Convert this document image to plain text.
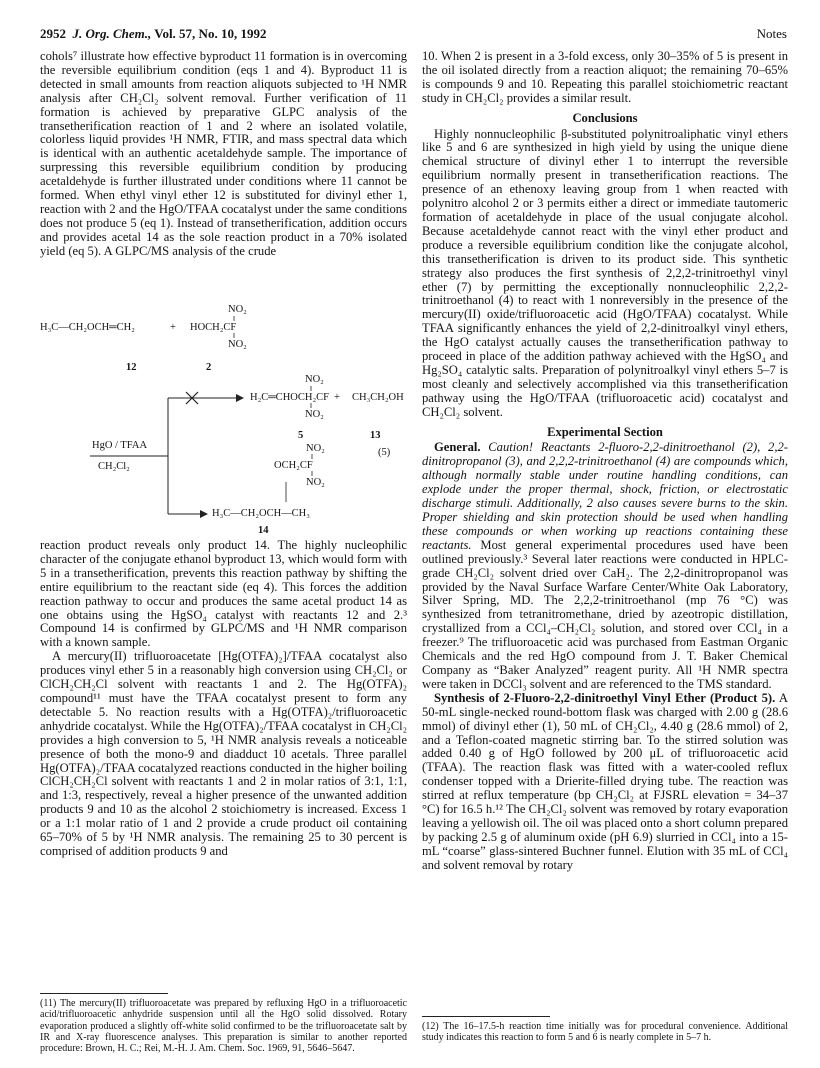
2952 J. Org. Chem., Vol. 57, No. 10, 1992	Notes

cohols⁷ illustrate how effective byproduct 11 formation is in overcoming the reversible equilibrium condition (eqs 1 and 4). Byproduct 11 is detected in small amounts from reaction aliquots subjected to ¹H NMR analysis after CH₂Cl₂ solvent removal. Further verification of 11 formation is achieved by preparative GLPC analysis of the transetherification reaction of 1 and 2 where an isolated volatile, colorless liquid provides ¹H NMR, FTIR, and mass spectral data which is identical with an authentic acetaldehyde sample. The importance of surpressing this reversible equilibrium condition by producing acetaldehyde is further illustrated under conditions where 11 cannot be formed. When ethyl vinyl ether 12 is substituted for divinyl ether 1, reaction with 2 and the HgO/TFAA cocatalyst under the same conditions does not produce 5 (eq 1). Instead of transetherification, addition occurs and provides acetal 14 as the sole reaction product in a 70% isolated yield (eq 5). A GLPC/MS analysis of the crude

NO₂
H₃C—CH₂OCH═CH₂	+ HOCH₂CF
NO₂
12	2
NO₂
H₂C═CHOCH₂CF + CH₃CH₂OH
NO₂
5	13
HgO / TFAA
CH₂Cl₂
(5)
NO₂
OCH₂CF
NO₂
H₃C—CH₂OCH—CH₃
14

reaction product reveals only product 14. The highly nucleophilic character of the conjugate ethanol byproduct 13, which would form with 5 in a transetherification, prevents this reaction pathway by shifting the entire equilibrium to the reactant side (eq 4). This forces the addition reaction pathway to occur and produces the same acetal product 14 as one obtains using the HgSO₄ catalyst with reactants 12 and 2.³ Compound 14 is confirmed by GLPC/MS and ¹H NMR comparison with a known sample.

A mercury(II) trifluoroacetate [Hg(OTFA)₂]/TFAA cocatalyst also produces vinyl ether 5 in a reasonably high conversion using CH₂Cl₂ or ClCH₂CH₂Cl solvent with reactants 1 and 2. The Hg(OTFA)₂ compound¹¹ must have the TFAA cocatalyst present to form any detectable 5. No reaction results with a Hg(OTFA)₂/trifluoroacetic anhydride cocatalyst. While the Hg(OTFA)₂/TFAA cocatalyst in CH₂Cl₂ provides a high conversion to 5, ¹H NMR analysis reveals a noticeable presence of both the mono-9 and diadduct 10 acetals. Three parallel Hg(OTFA)₂/TFAA cocatalyzed reactions conducted in the higher boiling ClCH₂CH₂Cl solvent with reactants 1 and 2 in molar ratios of 3:1, 1:1, and 1:3, respectively, reveal a higher presence of the unwanted addition products 9 and 10 as the alcohol 2 stoichiometry is increased. Excess 1 or a 1:1 molar ratio of 1 and 2 provide a crude product oil containing 65–70% of 5 by ¹H NMR analysis. The remaining 25 to 30 percent is comprised of addition products 9 and

(11) The mercury(II) trifluoroacetate was prepared by refluxing HgO in a trifluoroacetic acid/trifluoroacetic anhydride suspension until all the HgO solid dissolved. Rotary evaporation produced a slightly off-white solid confirmed to be the trifluoroacetate salt by IR and X-ray fluorescence analyses. This preparation is similar to another reported procedure: Brown, H. C.; Rei, M.-H. J. Am. Chem. Soc. 1969, 91, 5646–5647.

10. When 2 is present in a 3-fold excess, only 30–35% of 5 is present in the oil isolated directly from a reaction aliquot; the remaining 70–65% is compounds 9 and 10. Repeating this parallel stoichiometric reactant study in CH₂Cl₂ provides a similar result.

Conclusions

Highly nonnucleophilic β-substituted polynitroaliphatic vinyl ethers like 5 and 6 are synthesized in high yield by using the unique diene chemical structure of divinyl ether 1 to interrupt the reversible equilibrium normally present in transetherification reactions. The presence of an ethenoxy leaving group from 1 when reacted with polynitro alcohol 2 or 3 permits either a direct or immediate tautomeric formation of acetaldehyde in place of the usual conjugate alcohol. Because acetaldehyde cannot react with the vinyl ether product and produce a reversible equilibrium condition like the conjugate alcohol, this transetherification is driven to its product side. This synthetic strategy also produces the first synthesis of 2,2,2-trinitroethyl vinyl ether (7) by permitting the exceptionally nonnucleophilic 2,2,2-trinitroethanol (4) to react with 1 nonreversibly in the presence of the mercury(II) oxide/trifluoroacetic acid (HgO/TFAA) cocatalyst. While TFAA significantly enhances the yield of 2,2-dinitroalkyl vinyl ethers, the HgO catalyst actually causes the transetherification pathway to proceed in place of the addition pathway achieved with the HgSO₄ and Hg₂SO₄ catalytic salts. Preparation of polynitroalkyl vinyl ethers 5–7 is most cleanly and selectively accomplished via this transetherification pathway using the HgO/TFAA (trifluoroacetic acid) cocatalyst and CH₂Cl₂ solvent.

Experimental Section

General. Caution! Reactants 2-fluoro-2,2-dinitroethanol (2), 2,2-dinitropropanol (3), and 2,2,2-trinitroethanol (4) are compounds which, although normally stable under routine handling conditions, can explode under the proper thermal, shock, friction, or electrostatic discharge stimuli. Additionally, 2 also causes severe burns to the skin. Proper shielding and skin protection should be used when handling these compounds or when working up reactions containing these reactants. Most general experimental procedures used have been outlined previously.³ Several later reactions were conducted in HPLC-grade CH₂Cl₂ solvent dried over CaH₂. The 2,2-dinitropropanol was provided by the Naval Surface Warfare Center/White Oak Laboratory, Silver Spring, MD. The 2,2,2-trinitroethanol (mp 76 °C) was synthesized from tetranitromethane, dried by azeotropic distillation, crystallized from a CCl₄–CH₂Cl₂ solution, and stored over CCl₄ in a freezer.⁹ The trifluoroacetic acid was purchased from Eastman Organic Chemicals and the red HgO compound from J. T. Baker Chemical Company as “Baker Analyzed” reagent purity. All ¹H NMR spectra were taken in DCCl₃ solvent and are referenced to the TMS standard.

Synthesis of 2-Fluoro-2,2-dinitroethyl Vinyl Ether (Product 5). A 50-mL single-necked round-bottom flask was charged with 2.00 g (28.6 mmol) of divinyl ether (1), 50 mL of CH₂Cl₂, 4.40 g (28.6 mmol) of 2, and a Teflon-coated magnetic stirring bar. To the stirred solution was added 0.40 g of HgO followed by 200 μL of trifluoroacetic acid (TFAA). The reaction flask was fitted with a water-cooled reflux condenser topped with a Drierite-filled drying tube. The reaction was stirred at reflux temperature (bp CH₂Cl₂ at FJSRL elevation = 34–37 °C) for 16.5 h.¹² The CH₂Cl₂ solvent was removed by rotary evaporation leaving a yellowish oil. The oil was placed onto a short column prepared by packing 2.5 g of aluminum oxide (pH 6.9) slurried in CCl₄ into a 15-mL “coarse” glass-sintered Buchner funnel. Elution with 35 mL of CCl₄ and solvent removal by rotary

(12) The 16–17.5-h reaction time initially was for procedural convenience. Additional study indicates this reaction to form 5 and 6 is nearly complete in 5–7 h.
